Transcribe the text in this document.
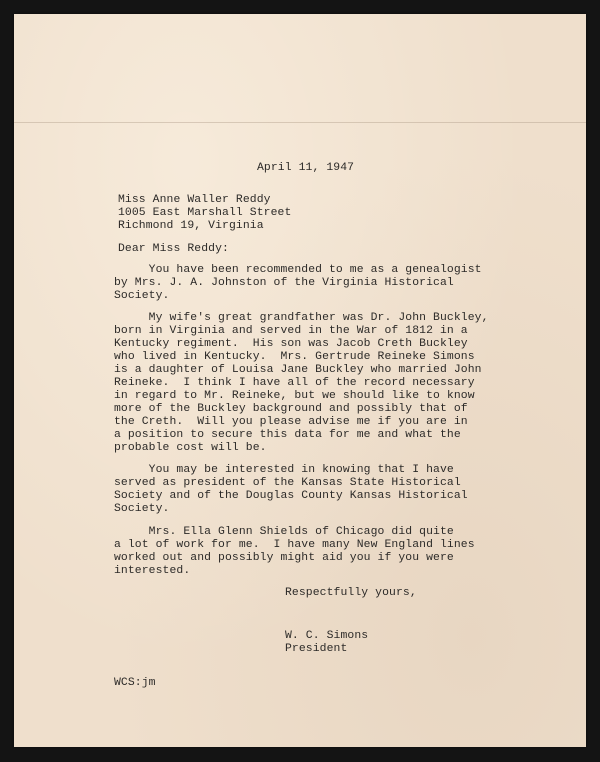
April 11, 1947
Miss Anne Waller Reddy
1005 East Marshall Street
Richmond 19, Virginia
Dear Miss Reddy:
You have been recommended to me as a genealogist
by Mrs. J. A. Johnston of the Virginia Historical
Society.
My wife's great grandfather was Dr. John Buckley,
born in Virginia and served in the War of 1812 in a
Kentucky regiment.  His son was Jacob Creth Buckley
who lived in Kentucky.  Mrs. Gertrude Reineke Simons
is a daughter of Louisa Jane Buckley who married John
Reineke.  I think I have all of the record necessary
in regard to Mr. Reineke, but we should like to know
more of the Buckley background and possibly that of
the Creth.  Will you please advise me if you are in
a position to secure this data for me and what the
probable cost will be.
You may be interested in knowing that I have
served as president of the Kansas State Historical
Society and of the Douglas County Kansas Historical
Society.
Mrs. Ella Glenn Shields of Chicago did quite
a lot of work for me.  I have many New England lines
worked out and possibly might aid you if you were
interested.
Respectfully yours,
W. C. Simons
President
WCS:jm
